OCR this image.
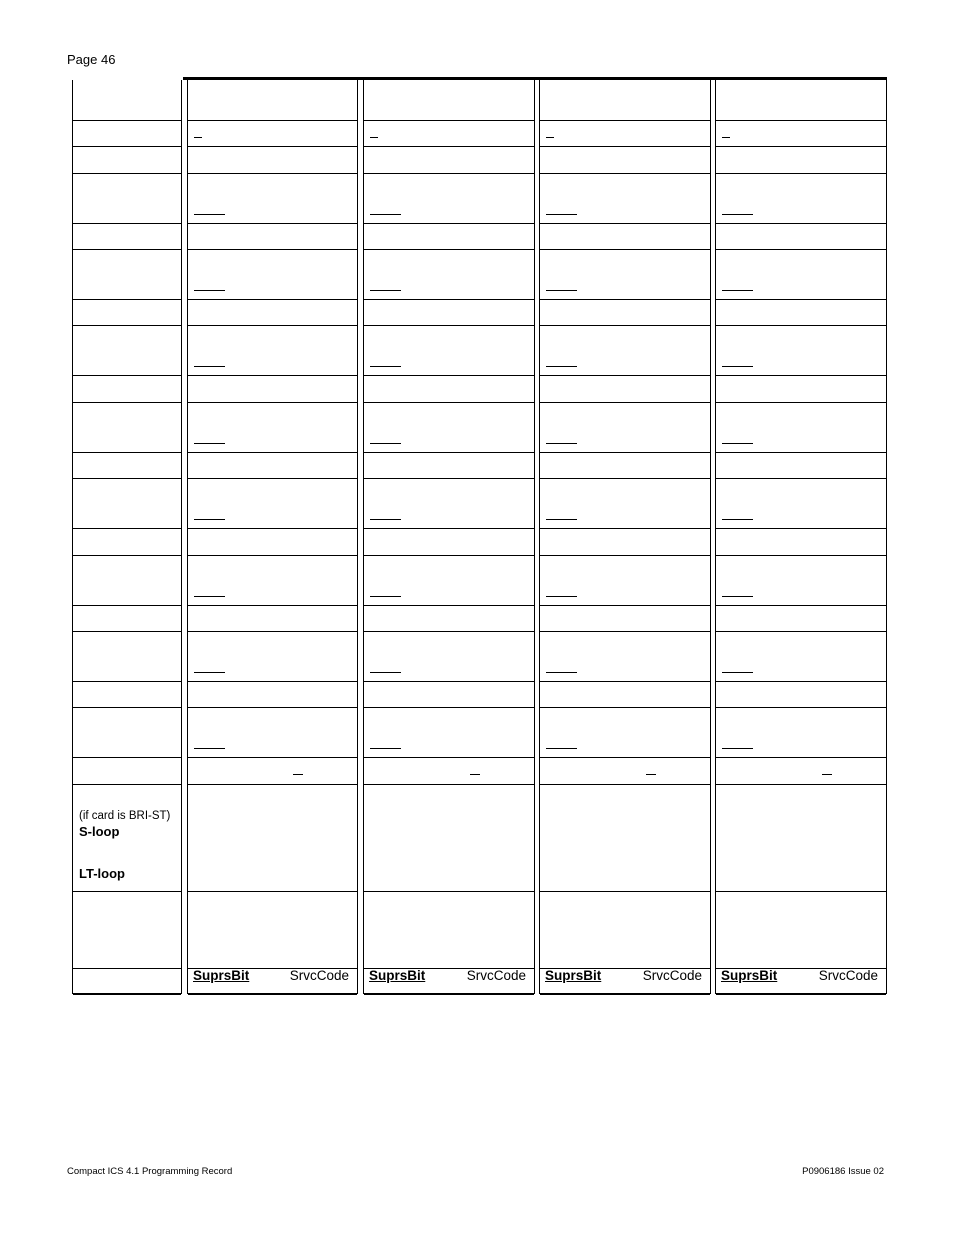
Page 46
(if card is BRI-ST)
S-loop
LT-loop
SuprsBit	SrvcCode SuprsBit	SrvcCode SuprsBit	SrvcCode SuprsBit	SrvcCode
Compact ICS 4.1 Programming Record	P0906186 Issue 02
